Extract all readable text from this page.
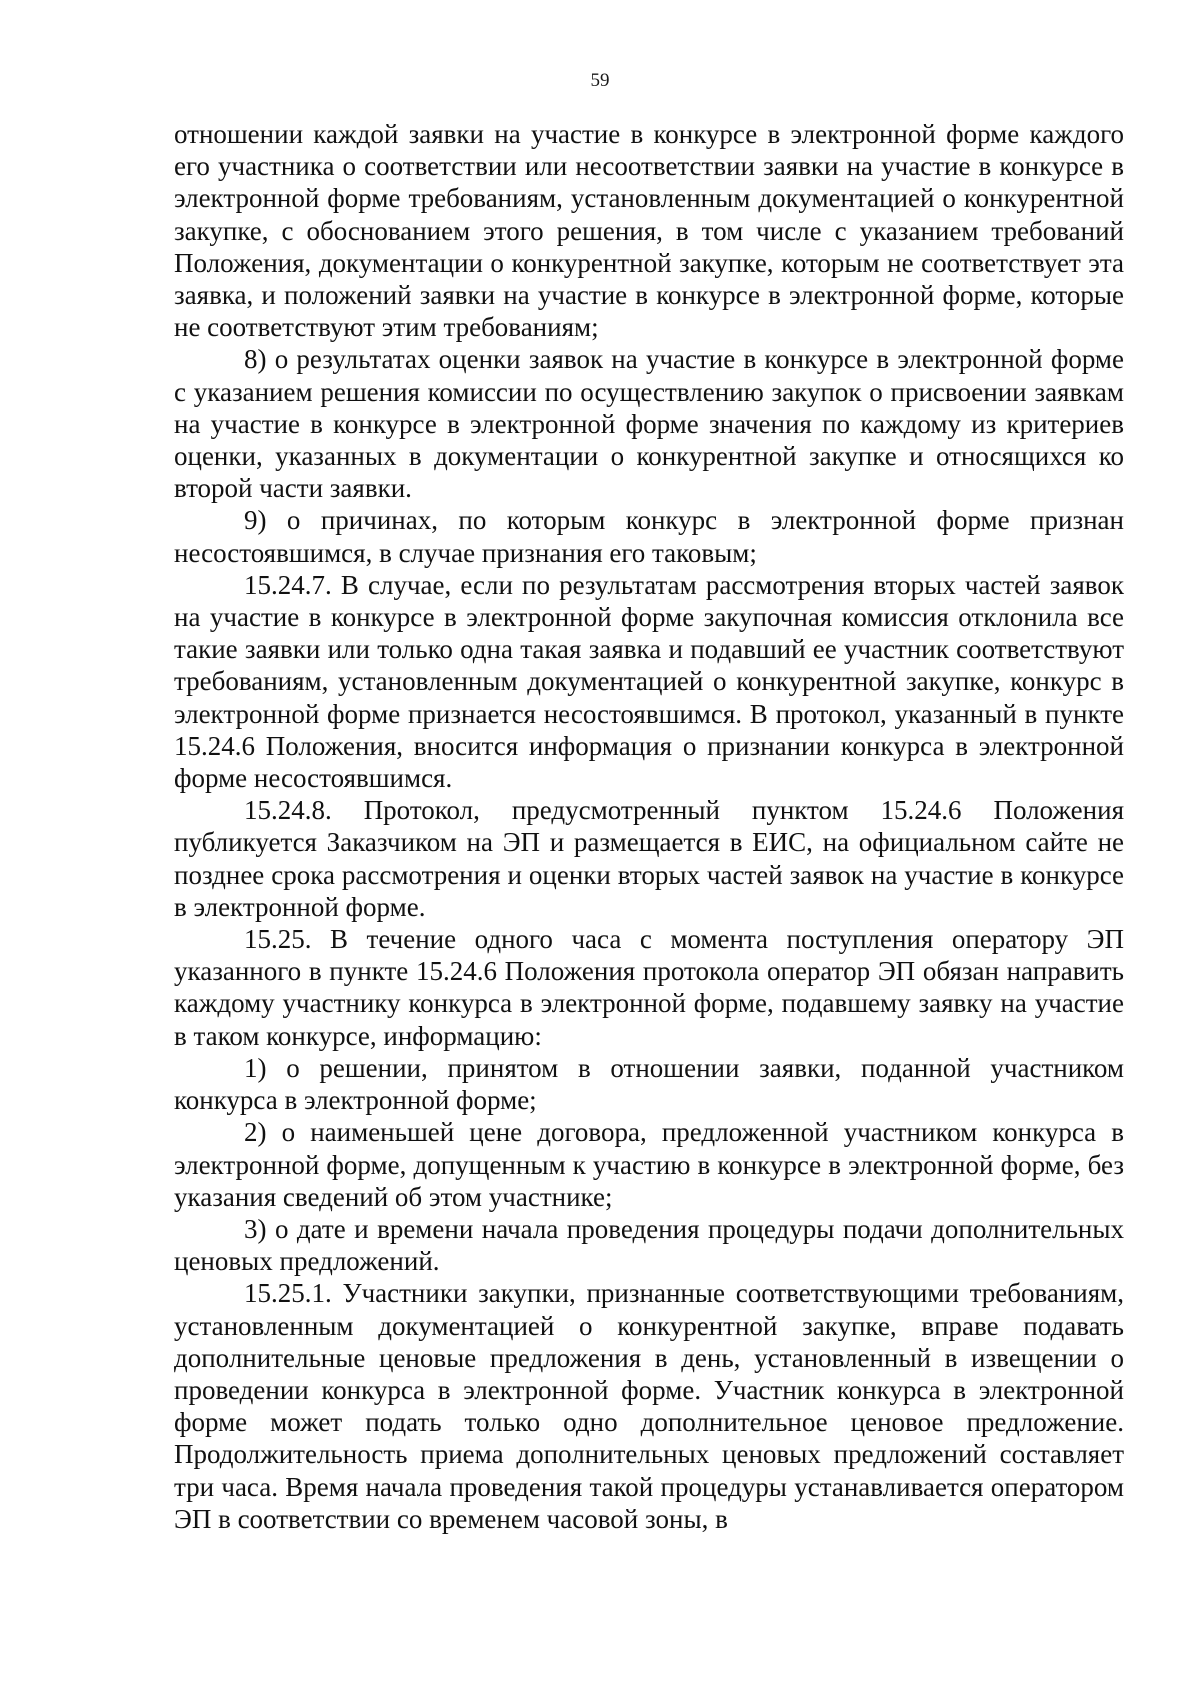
59

отношении каждой заявки на участие в конкурсе в электронной форме каждого его участника о соответствии или несоответствии заявки на участие в конкурсе в электронной форме требованиям, установленным документацией о конкурентной закупке, с обоснованием этого решения, в том числе с указанием требований Положения, документации о конкурентной закупке, которым не соответствует эта заявка, и положений заявки на участие в конкурсе в электронной форме, которые не соответствуют этим требованиям;

8) о результатах оценки заявок на участие в конкурсе в электронной форме с указанием решения комиссии по осуществлению закупок о присвоении заявкам на участие в конкурсе в электронной форме значения по каждому из критериев оценки, указанных в документации о конкурентной закупке и относящихся ко второй части заявки.

9) о причинах, по которым конкурс в электронной форме признан несостоявшимся, в случае признания его таковым;

15.24.7. В случае, если по результатам рассмотрения вторых частей заявок на участие в конкурсе в электронной форме закупочная комиссия отклонила все такие заявки или только одна такая заявка и подавший ее участник соответствуют требованиям, установленным документацией о конкурентной закупке, конкурс в электронной форме признается несостоявшимся. В протокол, указанный в пункте 15.24.6 Положения, вносится информация о признании конкурса в электронной форме несостоявшимся.

15.24.8. Протокол, предусмотренный пунктом 15.24.6 Положения публикуется Заказчиком на ЭП и размещается в ЕИС, на официальном сайте не позднее срока рассмотрения и оценки вторых частей заявок на участие в конкурсе в электронной форме.

15.25. В течение одного часа с момента поступления оператору ЭП указанного в пункте 15.24.6 Положения протокола оператор ЭП обязан направить каждому участнику конкурса в электронной форме, подавшему заявку на участие в таком конкурсе, информацию:

1) о решении, принятом в отношении заявки, поданной участником конкурса в электронной форме;

2) о наименьшей цене договора, предложенной участником конкурса в электронной форме, допущенным к участию в конкурсе в электронной форме, без указания сведений об этом участнике;

3) о дате и времени начала проведения процедуры подачи дополнительных ценовых предложений.

15.25.1. Участники закупки, признанные соответствующими требованиям, установленным документацией о конкурентной закупке, вправе подавать дополнительные ценовые предложения в день, установленный в извещении о проведении конкурса в электронной форме. Участник конкурса в электронной форме может подать только одно дополнительное ценовое предложение. Продолжительность приема дополнительных ценовых предложений составляет три часа. Время начала проведения такой процедуры устанавливается оператором ЭП в соответствии со временем часовой зоны, в
